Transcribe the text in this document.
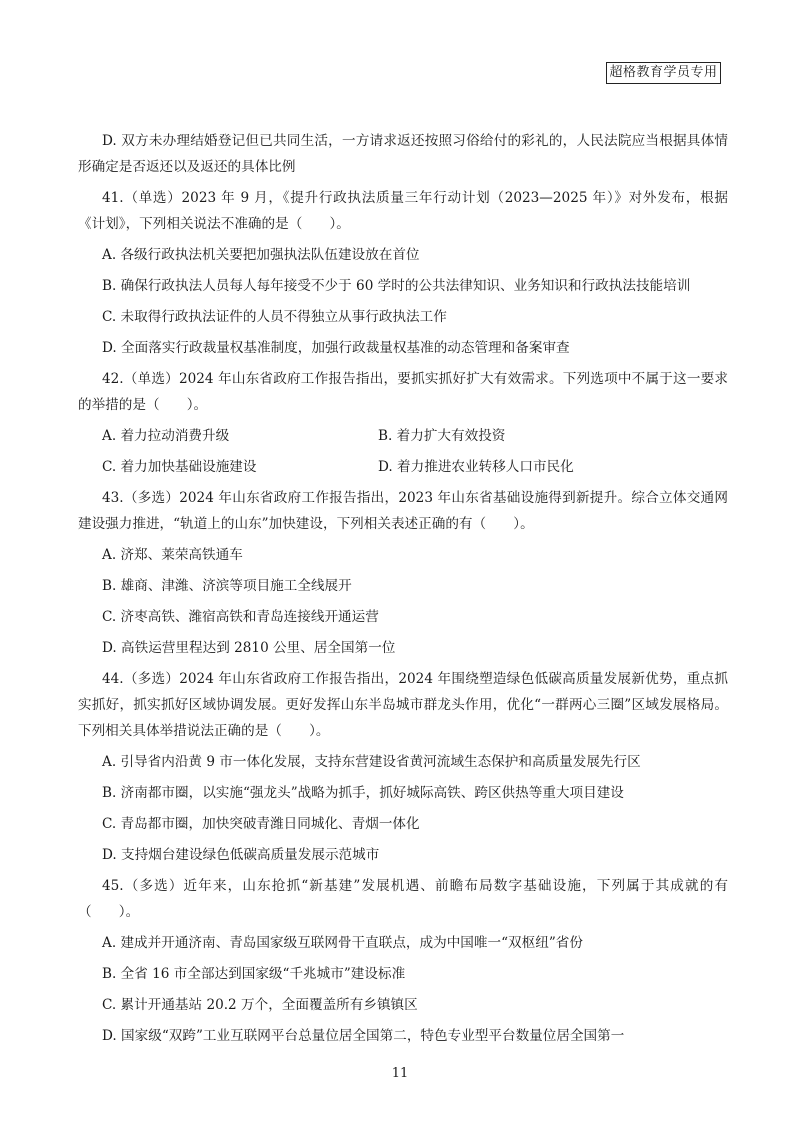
超格教育学员专用

D. 双方未办理结婚登记但已共同生活，一方请求返还按照习俗给付的彩礼的，人民法院应当根据具体情形确定是否返还以及返还的具体比例

41.（单选）2023 年 9 月，《提升行政执法质量三年行动计划（2023—2025 年）》对外发布，根据《计划》，下列相关说法不准确的是（　　）。

A. 各级行政执法机关要把加强执法队伍建设放在首位

B. 确保行政执法人员每人每年接受不少于 60 学时的公共法律知识、业务知识和行政执法技能培训

C. 未取得行政执法证件的人员不得独立从事行政执法工作

D. 全面落实行政裁量权基准制度，加强行政裁量权基准的动态管理和备案审查

42.（单选）2024 年山东省政府工作报告指出，要抓实抓好扩大有效需求。下列选项中不属于这一要求的举措的是（　　）。

A. 着力拉动消费升级	B. 着力扩大有效投资

C. 着力加快基础设施建设	D. 着力推进农业转移人口市民化

43.（多选）2024 年山东省政府工作报告指出，2023 年山东省基础设施得到新提升。综合立体交通网建设强力推进，“轨道上的山东”加快建设，下列相关表述正确的有（　　）。

A. 济郑、莱荣高铁通车

B. 雄商、津潍、济滨等项目施工全线展开

C. 济枣高铁、潍宿高铁和青岛连接线开通运营

D. 高铁运营里程达到 2810 公里、居全国第一位

44.（多选）2024 年山东省政府工作报告指出，2024 年围绕塑造绿色低碳高质量发展新优势，重点抓实抓好，抓实抓好区域协调发展。更好发挥山东半岛城市群龙头作用，优化“一群两心三圈”区域发展格局。下列相关具体举措说法正确的是（　　）。

A. 引导省内沿黄 9 市一体化发展，支持东营建设省黄河流域生态保护和高质量发展先行区

B. 济南都市圈，以实施“强龙头”战略为抓手，抓好城际高铁、跨区供热等重大项目建设

C. 青岛都市圈，加快突破青潍日同城化、青烟一体化

D. 支持烟台建设绿色低碳高质量发展示范城市

45.（多选）近年来，山东抢抓“新基建”发展机遇、前瞻布局数字基础设施，下列属于其成就的有（　　）。

A. 建成并开通济南、青岛国家级互联网骨干直联点，成为中国唯一“双枢纽”省份

B. 全省 16 市全部达到国家级“千兆城市”建设标准

C. 累计开通基站 20.2 万个，全面覆盖所有乡镇镇区

D. 国家级“双跨”工业互联网平台总量位居全国第二，特色专业型平台数量位居全国第一

11
